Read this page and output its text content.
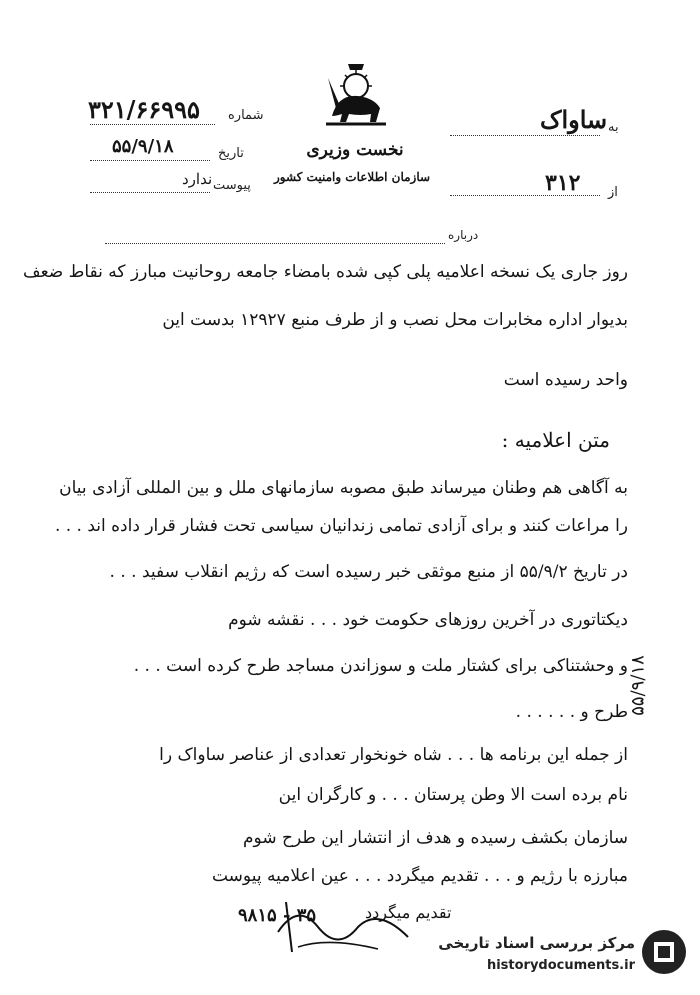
نخست وزیری
سازمان اطلاعات وامنیت کشور
شماره
تاریخ
پیوست
۳۲۱/۶۶۹۹۵
۵۵/۹/۱۸
ندارد
به
از
ساواک
۳۱۲
درباره
روز جاری یک نسخه اعلامیه پلی کپی شده بامضاء جامعه روحانیت مبارز که نقاط ضعف
بدیوار اداره مخابرات محل نصب و از طرف منبع ۱۲۹۲۷ بدست این
واحد رسیده است
متن اعلامیه :
به آگاهی هم وطنان میرساند طبق مصوبه سازمانهای ملل و بین المللی آزادی بیان
را مراعات کنند و برای آزادی تمامی زندانیان سیاسی تحت فشار قرار داده اند . . .
در تاریخ ۵۵/۹/۲ از منبع موثقی خبر رسیده است که رژیم انقلاب سفید . . .
دیکتاتوری در آخرین روزهای حکومت خود . . . نقشه شوم
و وحشتناکی برای کشتار ملت و سوزاندن مساجد طرح کرده است . . .
طرح و . . . . . .
از جمله این برنامه ها . . . شاه خونخوار تعدادی از عناصر ساواک را
نام برده است الا وطن پرستان . . . و کارگران این
سازمان بکشف رسیده و هدف از انتشار این طرح شوم
مبارزه با رژیم و . . . تقدیم میگردد . . . عین اعلامیه پیوست
۵۵/۹/۱۸
۳۵ - ۹۸۱۵	تقدیم میگردد
مرکز بررسی اسناد تاریخی
historydocuments.ir
